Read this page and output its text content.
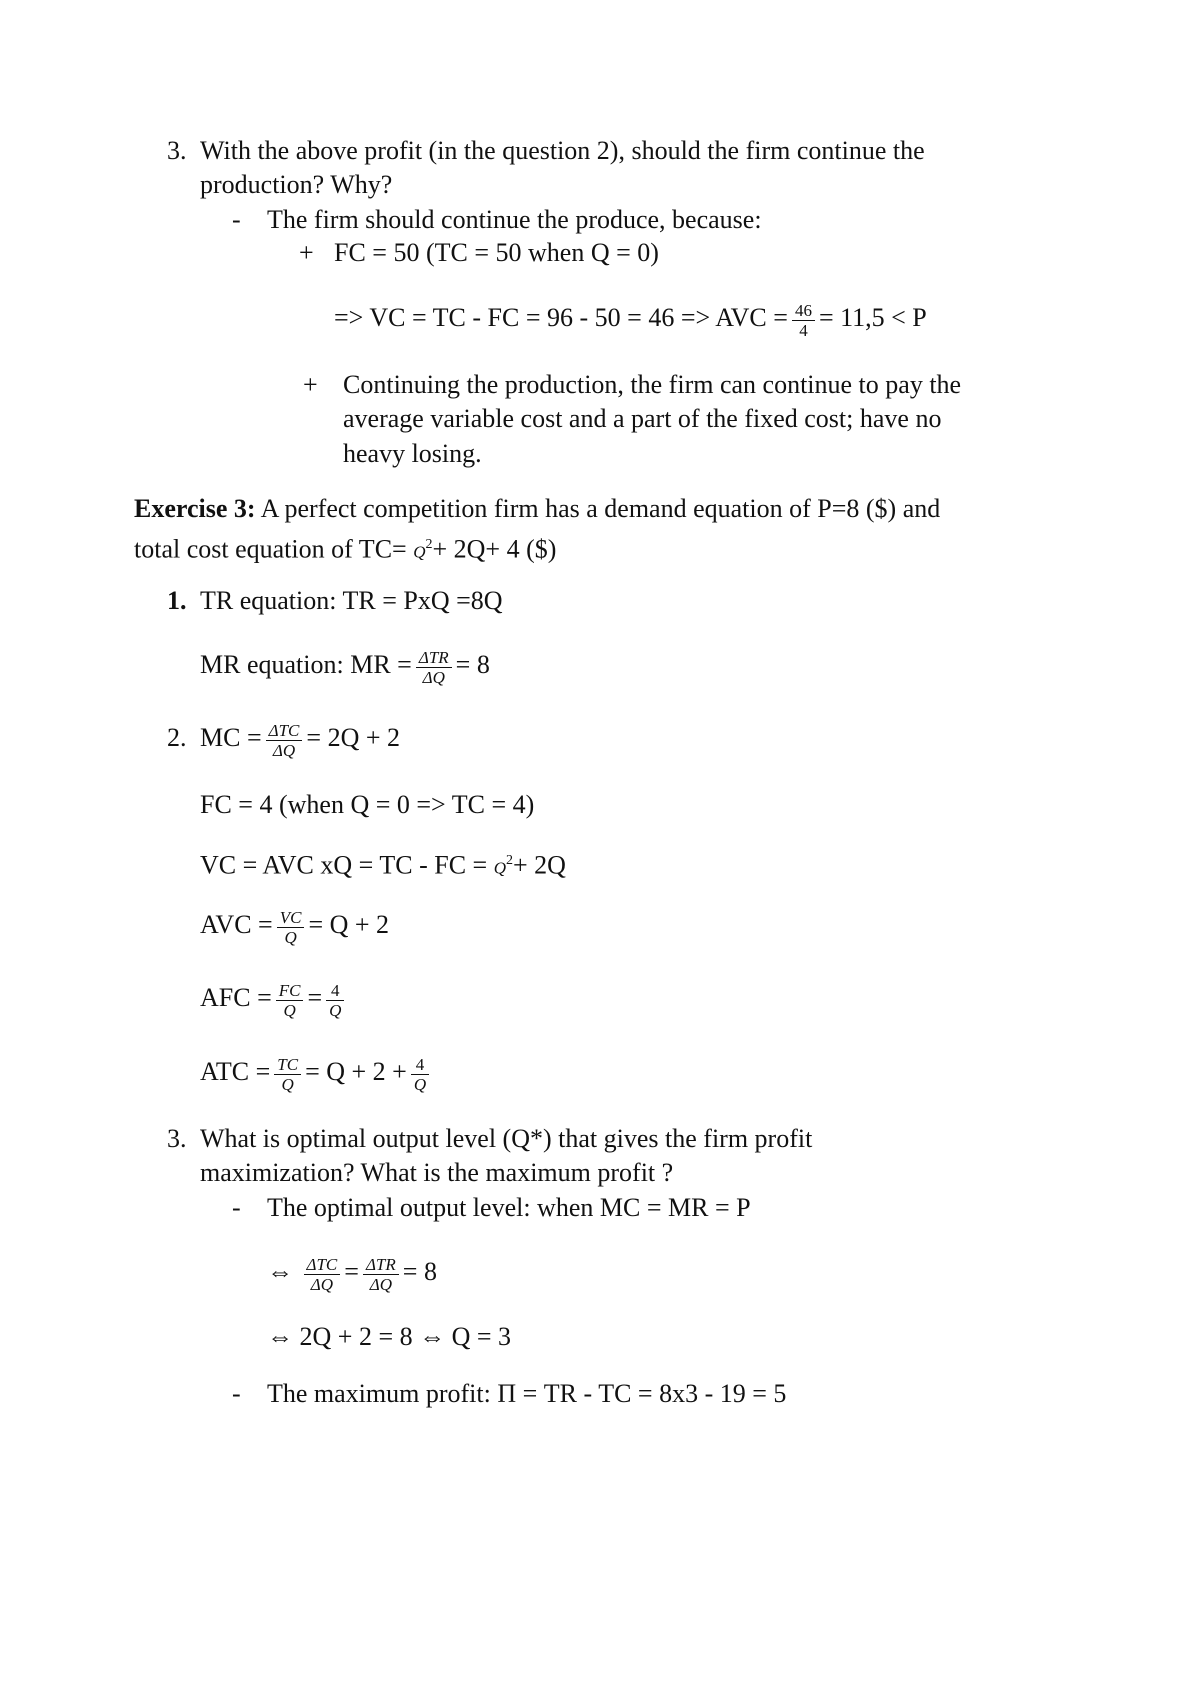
3. With the above profit (in the question 2), should the firm continue the
production? Why?
- The firm should continue the produce, because:
+ FC = 50 (TC = 50 when Q = 0)
=> VC = TC - FC = 96 - 50 = 46 => AVC = $\frac{46}{4} = 11,5 < P$
+ Continuing the production, the firm can continue to pay the
average variable cost and a part of the fixed cost; have no
heavy losing.
Exercise 3: A perfect competition firm has a demand equation of P=8 ($) and
total cost equation of $TC= Q^2+ 2Q+ 4$ ($)
1. TR equation: TR = PxQ =8Q
MR equation: MR = $\frac{\text{ΔTR}}{\Delta Q} = 8$
2. MC = $\frac{\text{ΔTC}}{\Delta Q} = 2Q + 2$
FC = 4 (when Q = 0 => TC = 4)
VC = AVC xQ = TC - FC = $Q^2+ 2Q$
AVC = $\frac{VC}{Q} = Q + 2$
AFC = $\frac{FC}{Q} = \frac{4}{Q}$
ATC = $\frac{TC}{Q} = Q + 2 + \frac{4}{Q}$
3. What is optimal output level (Q*) that gives the firm profit
maximization? What is the maximum profit ?
- The optimal output level: when MC = MR = P
⇔ $\frac{\text{ΔTC}}{\Delta Q} = \frac{\text{ΔTR}}{\Delta Q} = 8$
⇔ 2Q + 2 = 8 ⇔ Q = 3
- The maximum profit: Π = TR - TC = 8x3 - 19 = 5
